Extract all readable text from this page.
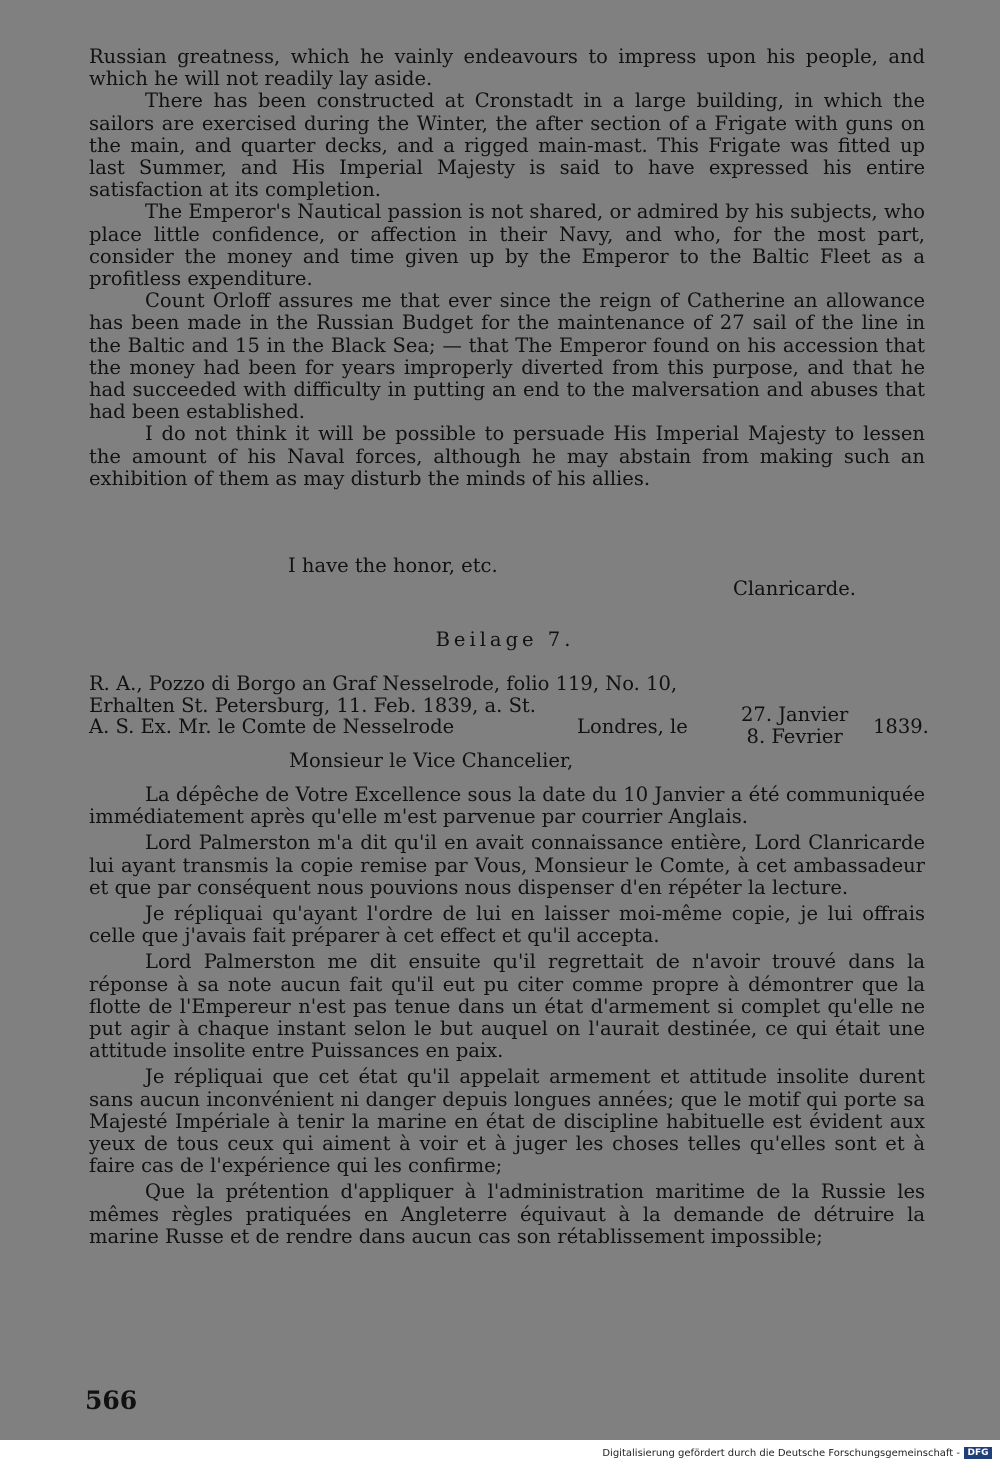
Russian greatness, which he vainly endeavours to impress upon his people, and which he will not readily lay aside.

There has been constructed at Cronstadt in a large building, in which the sailors are exercised during the Winter, the after section of a Frigate with guns on the main, and quarter decks, and a rigged main-mast. This Frigate was fitted up last Summer, and His Imperial Majesty is said to have expressed his entire satisfaction at its completion.

The Emperor's Nautical passion is not shared, or admired by his subjects, who place little confidence, or affection in their Navy, and who, for the most part, consider the money and time given up by the Emperor to the Baltic Fleet as a profitless expenditure.

Count Orloff assures me that ever since the reign of Catherine an allowance has been made in the Russian Budget for the maintenance of 27 sail of the line in the Baltic and 15 in the Black Sea; — that The Emperor found on his accession that the money had been for years improperly diverted from this purpose, and that he had succeeded with difficulty in putting an end to the malversation and abuses that had been established.

I do not think it will be possible to persuade His Imperial Majesty to lessen the amount of his Naval forces, although he may abstain from making such an exhibition of them as may disturb the minds of his allies.

I have the honor, etc.
Clanricarde.
Beilage 7.
R. A., Pozzo di Borgo an Graf Nesselrode, folio 119, No. 10,
Erhalten St. Petersburg, 11. Feb. 1839, a. St.
A. S. Ex. Mr. le Comte de Nesselrode	Londres, le
27. Janvier
8. Fevrier 1839.
Monsieur le Vice Chancelier,

La dépêche de Votre Excellence sous la date du 10 Janvier a été communiquée immédiatement après qu'elle m'est parvenue par courrier Anglais.

Lord Palmerston m'a dit qu'il en avait connaissance entière, Lord Clanricarde lui ayant transmis la copie remise par Vous, Monsieur le Comte, à cet ambassadeur et que par conséquent nous pouvions nous dispenser d'en répéter la lecture.

Je répliquai qu'ayant l'ordre de lui en laisser moi-même copie, je lui offrais celle que j'avais fait préparer à cet effect et qu'il accepta.

Lord Palmerston me dit ensuite qu'il regrettait de n'avoir trouvé dans la réponse à sa note aucun fait qu'il eut pu citer comme propre à démontrer que la flotte de l'Empereur n'est pas tenue dans un état d'armement si complet qu'elle ne put agir à chaque instant selon le but auquel on l'aurait destinée, ce qui était une attitude insolite entre Puissances en paix.

Je répliquai que cet état qu'il appelait armement et attitude insolite durent sans aucun inconvénient ni danger depuis longues années; que le motif qui porte sa Majesté Impériale à tenir la marine en état de discipline habituelle est évident aux yeux de tous ceux qui aiment à voir et à juger les choses telles qu'elles sont et à faire cas de l'expérience qui les confirme;

Que la prétention d'appliquer à l'administration maritime de la Russie les mêmes règles pratiquées en Angleterre équivaut à la demande de détruire la marine Russe et de rendre dans aucun cas son rétablissement impossible;

566
Digitalisierung gefördert durch die Deutsche Forschungsgemeinschaft - DFG
